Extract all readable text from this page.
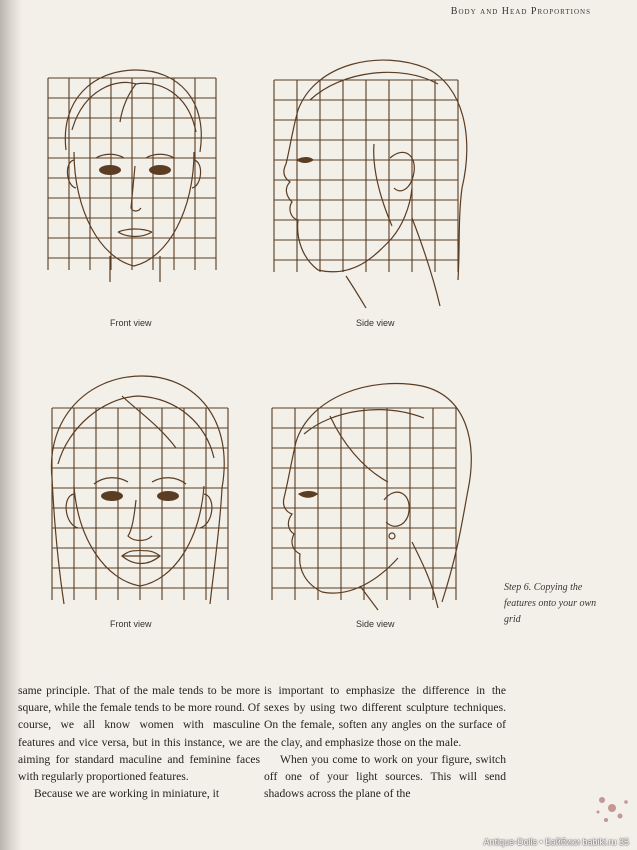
Body and Head Proportions
Front view	Side view
Front view	Side view
Step 6. Copying the features onto your own grid

same principle. That of the male tends to be more square, while the female tends to be more round. Of course, we all know women with masculine features and vice versa, but in this instance, we are aiming for standard maculine and feminine faces with regularly proportioned features.

Because we are working in miniature, it

is important to emphasize the difference in the sexes by using two different sculpture techniques. On the female, soften any angles on the surface of the clay, and emphasize those on the male.

When you come to work on your figure, switch off one of your light sources. This will send shadows across the plane of the

Antique-Dolls • Бэйбики babiki.ru 35
